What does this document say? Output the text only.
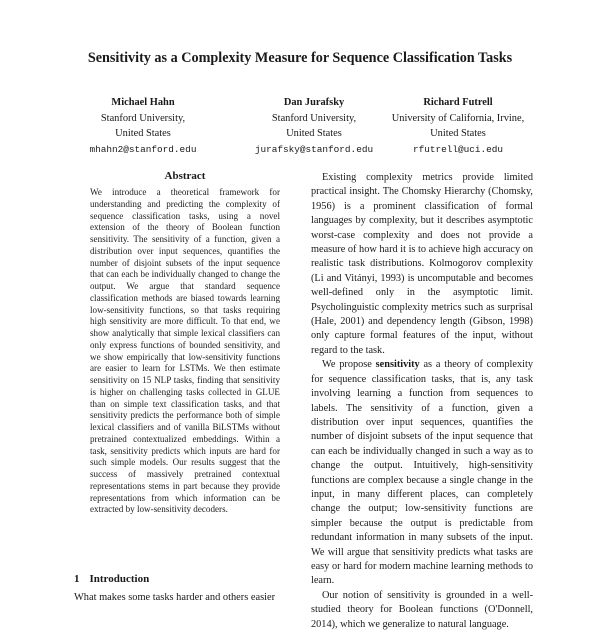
Sensitivity as a Complexity Measure for Sequence Classification Tasks
Michael Hahn
Stanford University,
United States
mhahn2@stanford.edu
Dan Jurafsky
Stanford University,
United States
jurafsky@stanford.edu
Richard Futrell
University of California, Irvine,
United States
rfutrell@uci.edu
Abstract

We introduce a theoretical framework for understanding and predicting the complexity of sequence classification tasks, using a novel extension of the theory of Boolean function sensitivity. The sensitivity of a function, given a distribution over input sequences, quantifies the number of disjoint subsets of the input sequence that can each be individually changed to change the output. We argue that standard sequence classification methods are biased towards learning low-sensitivity functions, so that tasks requiring high sensitivity are more difficult. To that end, we show analytically that simple lexical classifiers can only express functions of bounded sensitivity, and we show empirically that low-sensitivity functions are easier to learn for LSTMs. We then estimate sensitivity on 15 NLP tasks, finding that sensitivity is higher on challenging tasks collected in GLUE than on simple text classification tasks, and that sensitivity predicts the performance both of simple lexical classifiers and of vanilla BiLSTMs without pretrained contextualized embeddings. Within a task, sensitivity predicts which inputs are hard for such simple models. Our results suggest that the success of massively pretrained contextual representations stems in part because they provide representations from which information can be extracted by low-sensitivity decoders.

1 Introduction
What makes some tasks harder and others easier

Existing complexity metrics provide limited practical insight. The Chomsky Hierarchy (Chomsky, 1956) is a prominent classification of formal languages by complexity, but it describes asymptotic worst-case complexity and does not provide a measure of how hard it is to achieve high accuracy on realistic task distributions. Kolmogorov complexity (Li and Vitányi, 1993) is uncomputable and becomes well-defined only in the asymptotic limit. Psycholinguistic complexity metrics such as surprisal (Hale, 2001) and dependency length (Gibson, 1998) only capture formal features of the input, without regard to the task.

We propose sensitivity as a theory of complexity for sequence classification tasks, that is, any task involving learning a function from sequences to labels. The sensitivity of a function, given a distribution over input sequences, quantifies the number of disjoint subsets of the input sequence that can each be individually changed in such a way as to change the output. Intuitively, high-sensitivity functions are complex because a single change in the input, in many different places, can completely change the output; low-sensitivity functions are simpler because the output is predictable from redundant information in many subsets of the input. We will argue that sensitivity predicts what tasks are easy or hard for modern machine learning methods to learn.

Our notion of sensitivity is grounded in a well-studied theory for Boolean functions (O'Donnell, 2014), which we generalize to natural language.
